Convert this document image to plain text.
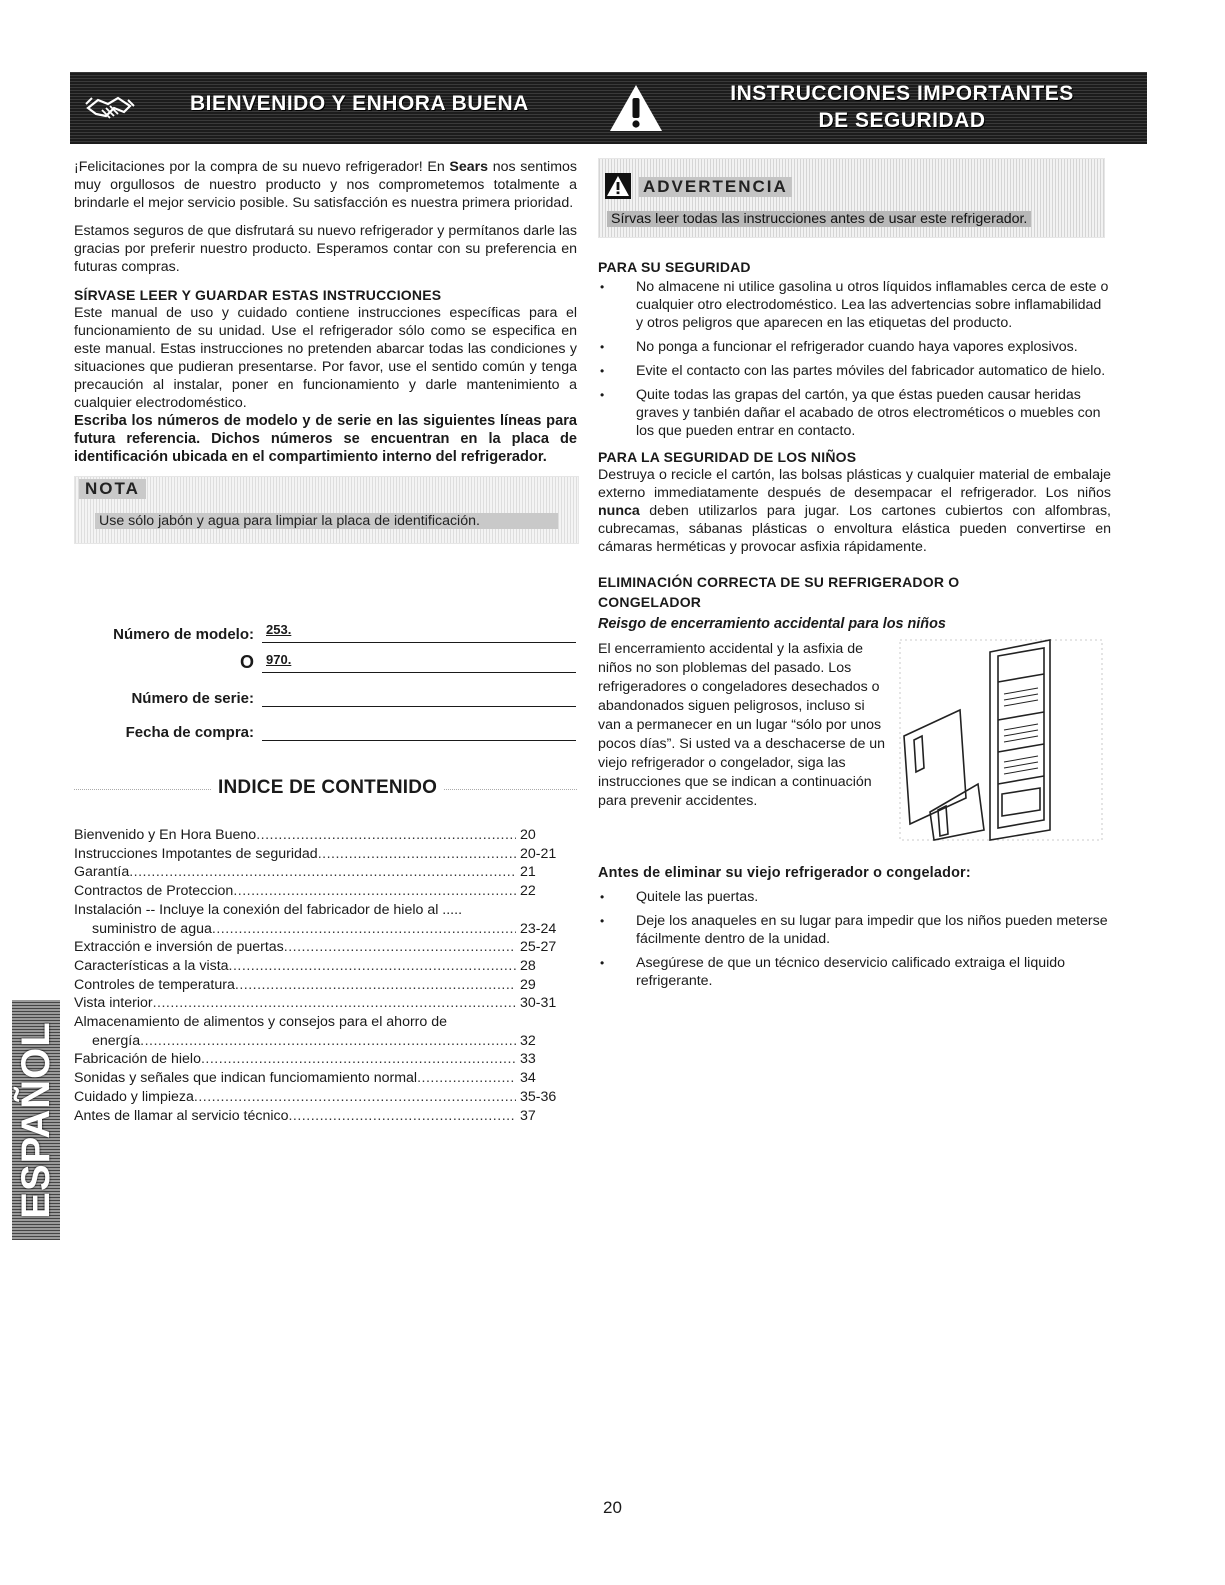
BIENVENIDO Y ENHORA BUENA	INSTRUCCIONES IMPORTANTES
DE SEGURIDAD

¡Felicitaciones por la compra de su nuevo refrigerador! En Sears nos sentimos muy orgullosos de nuestro producto y nos comprometemos totalmente a brindarle el mejor servicio posible. Su satisfacción es nuestra primera prioridad.

Estamos seguros de que disfrutará su nuevo refrigerador y permítanos darle las gracias por preferir nuestro producto. Esperamos contar con su preferencia en futuras compras.

SÍRVASE LEER Y GUARDAR ESTAS INSTRUCCIONES

Este manual de uso y cuidado contiene instrucciones específicas para el funcionamiento de su unidad. Use el refrigerador sólo como se especifica en este manual. Estas instrucciones no pretenden abarcar todas las condiciones y situaciones que pudieran presentarse. Por favor, use el sentido común y tenga precaución al instalar, poner en funcionamiento y darle mantenimiento a cualquier electrodoméstico.

Escriba los números de modelo y de serie en las siguientes líneas para futura referencia. Dichos números se encuentran en la placa de identificación ubicada en el compartimiento interno del refrigerador.

NOTA
Use sólo jabón y agua para limpiar la placa de identificación.
Número de modelo: 253.
O 970.
Número de serie:
Fecha de compra:
INDICE DE CONTENIDO
Bienvenido y En Hora Bueno .....	20
Instrucciones Impotantes de seguridad .....	20-21
Garantía .....	21
Contractos de Proteccion .....	22
Instalación -- Incluye la conexión del fabricador de hielo al .....
suministro de agua .....	23-24
Extracción e inversión de puertas .....	25-27
Características a la vista .....	28
Controles de temperatura .....	29
Vista interior .....	30-31
Almacenamiento de alimentos y consejos para el ahorro de
energía .....	32
Fabricación de hielo .....	33
Sonidas y señales que indican funciomamiento normal .....	34
Cuidado y limpieza .....	35-36
Antes de llamar al servicio técnico .....	37
ESPAÑOL
ADVERTENCIA
Sírvas leer todas las instrucciones antes de usar este refrigerador.
PARA SU SEGURIDAD
• No almacene ni utilice gasolina u otros líquidos inflamables cerca de este o cualquier otro electrodoméstico. Lea las advertencias sobre inflamabilidad y otros peligros que aparecen en las etiquetas del producto.
• No ponga a funcionar el refrigerador cuando haya vapores explosivos.
• Evite el contacto con las partes móviles del fabricador automatico de hielo.
• Quite todas las grapas del cartón, ya que éstas pueden causar heridas graves y tanbién dañar el acabado de otros electrométicos o muebles con los que pueden entrar en contacto.
PARA LA SEGURIDAD DE LOS NIÑOS

Destruya o recicle el cartón, las bolsas plásticas y cualquier material de embalaje externo immediatamente después de desempacar el refrigerador. Los niños nunca deben utilizarlos para jugar. Los cartones cubiertos con alfombras, cubrecamas, sábanas plásticas o envoltura elástica pueden convertirse en cámaras herméticas y provocar asfixia rápidamente.

ELIMINACIÓN CORRECTA DE SU REFRIGERADOR O CONGELADOR
Reisgo de encerramiento accidental para los niños
El encerramiento accidental y la asfixia de niños no son ploblemas del pasado. Los refrigeradores o congeladores desechados o abandonados siguen peligrosos, incluso si van a permanecer en un lugar “sólo por unos pocos días”. Si usted va a deschacerse de un viejo refrigerador o congelador, siga las instrucciones que se indican a continuación para prevenir accidentes.
Antes de eliminar su viejo refrigerador o congelador:
• Quitele las puertas.
• Deje los anaqueles en su lugar para impedir que los niños pueden meterse fácilmente dentro de la unidad.
• Asegúrese de que un técnico deservicio calificado extraiga el liquido refrigerante.
20
